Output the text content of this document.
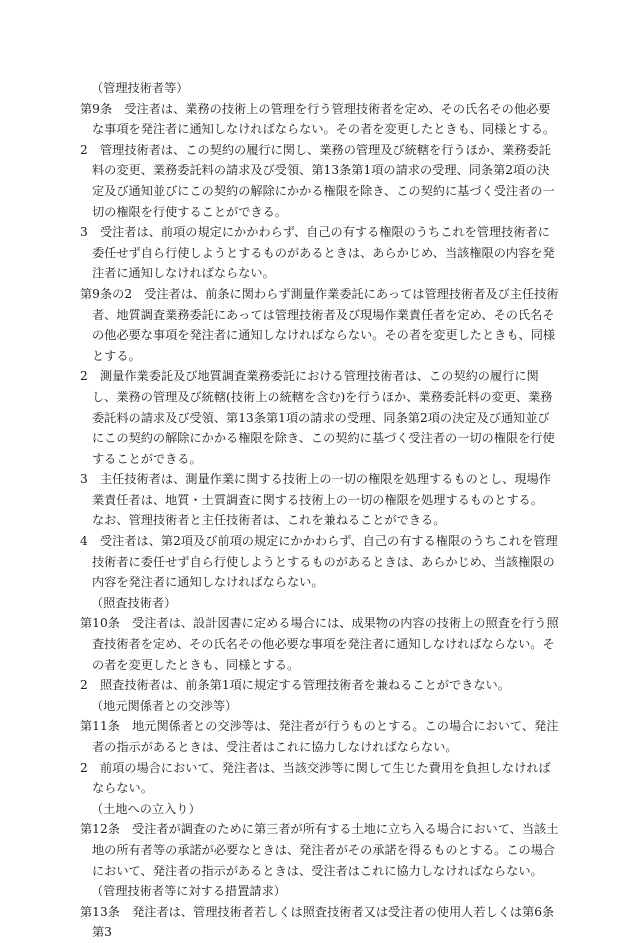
（管理技術者等）

第9条　受注者は、業務の技術上の管理を行う管理技術者を定め、その氏名その他必要な事項を発注者に通知しなければならない。その者を変更したときも、同様とする。

2　管理技術者は、この契約の履行に関し、業務の管理及び統轄を行うほか、業務委託料の変更、業務委託料の請求及び受領、第13条第1項の請求の受理、同条第2項の決定及び通知並びにこの契約の解除にかかる権限を除き、この契約に基づく受注者の一切の権限を行使することができる。

3　受注者は、前項の規定にかかわらず、自己の有する権限のうちこれを管理技術者に委任せず自ら行使しようとするものがあるときは、あらかじめ、当該権限の内容を発注者に通知しなければならない。

第9条の2　受注者は、前条に関わらず測量作業委託にあっては管理技術者及び主任技術者、地質調査業務委託にあっては管理技術者及び現場作業責任者を定め、その氏名その他必要な事項を発注者に通知しなければならない。その者を変更したときも、同様とする。

2　測量作業委託及び地質調査業務委託における管理技術者は、この契約の履行に関し、業務の管理及び統轄(技術上の統轄を含む)を行うほか、業務委託料の変更、業務委託料の請求及び受領、第13条第1項の請求の受理、同条第2項の決定及び通知並びにこの契約の解除にかかる権限を除き、この契約に基づく受注者の一切の権限を行使することができる。

3　主任技術者は、測量作業に関する技術上の一切の権限を処理するものとし、現場作業責任者は、地質・土質調査に関する技術上の一切の権限を処理するものとする。

なお、管理技術者と主任技術者は、これを兼ねることができる。

4　受注者は、第2項及び前項の規定にかかわらず、自己の有する権限のうちこれを管理技術者に委任せず自ら行使しようとするものがあるときは、あらかじめ、当該権限の内容を発注者に通知しなければならない。

（照査技術者）

第10条　受注者は、設計図書に定める場合には、成果物の内容の技術上の照査を行う照査技術者を定め、その氏名その他必要な事項を発注者に通知しなければならない。その者を変更したときも、同様とする。

2　照査技術者は、前条第1項に規定する管理技術者を兼ねることができない。

（地元関係者との交渉等）

第11条　地元関係者との交渉等は、発注者が行うものとする。この場合において、発注者の指示があるときは、受注者はこれに協力しなければならない。

2　前項の場合において、発注者は、当該交渉等に関して生じた費用を負担しなければならない。

（土地への立入り）

第12条　受注者が調査のために第三者が所有する土地に立ち入る場合において、当該土地の所有者等の承諾が必要なときは、発注者がその承諾を得るものとする。この場合において、発注者の指示があるときは、受注者はこれに協力しなければならない。

（管理技術者等に対する措置請求）

第13条　発注者は、管理技術者若しくは照査技術者又は受注者の使用人若しくは第6条第3
